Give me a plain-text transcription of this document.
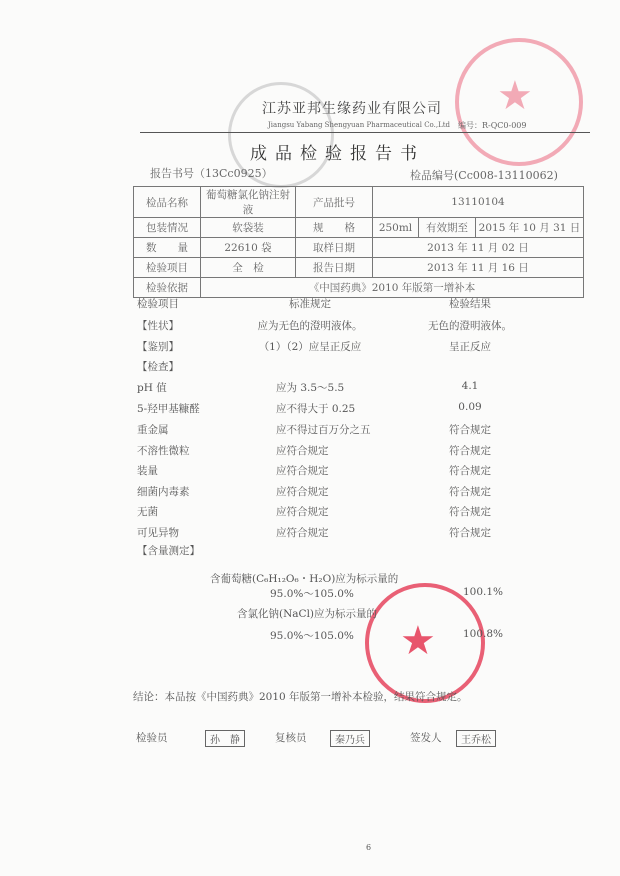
★
★
江苏亚邦生缘药业有限公司
Jiangsu Yabang Shengyuan Pharmaceutical Co.,Ltd 编号：R-QC0-009
成品检验报告书
报告书号（13Cc0925）	检品编号(Cc008-13110062)
检品名称	葡萄糖氯化钠注射液	产品批号	13110104		
包装情况	软袋装	规　　格	250ml	有效期至	2015 年 10 月 31 日
数　　量	22610 袋	取样日期	2013 年 11 月 02 日		
检验项目	全　检	报告日期	2013 年 11 月 16 日		
检验依据	《中国药典》2010 年版第一增补本				
检验项目	标准规定	检验结果
【性状】	应为无色的澄明液体。	无色的澄明液体。
【鉴别】	（1）（2）应呈正反应	呈正反应
【检查】
pH 值	应为 3.5～5.5	4.1
5-羟甲基糠醛	应不得大于 0.25	0.09
重金属	应不得过百万分之五	符合规定
不溶性微粒	应符合规定	符合规定
装量	应符合规定	符合规定
细菌内毒素	应符合规定	符合规定
无菌	应符合规定	符合规定
可见异物	应符合规定	符合规定
【含量测定】
含葡萄糖(C₆H₁₂O₆・H₂O)应为标示量的
95.0%～105.0%	100.1%
含氯化钠(NaCl)应为标示量的
95.0%～105.0%	100.8%
结论：本品按《中国药典》2010 年版第一增补本检验，结果符合规定。
检验员	孙　静	复核员	秦乃兵	签发人	王乔松
6
